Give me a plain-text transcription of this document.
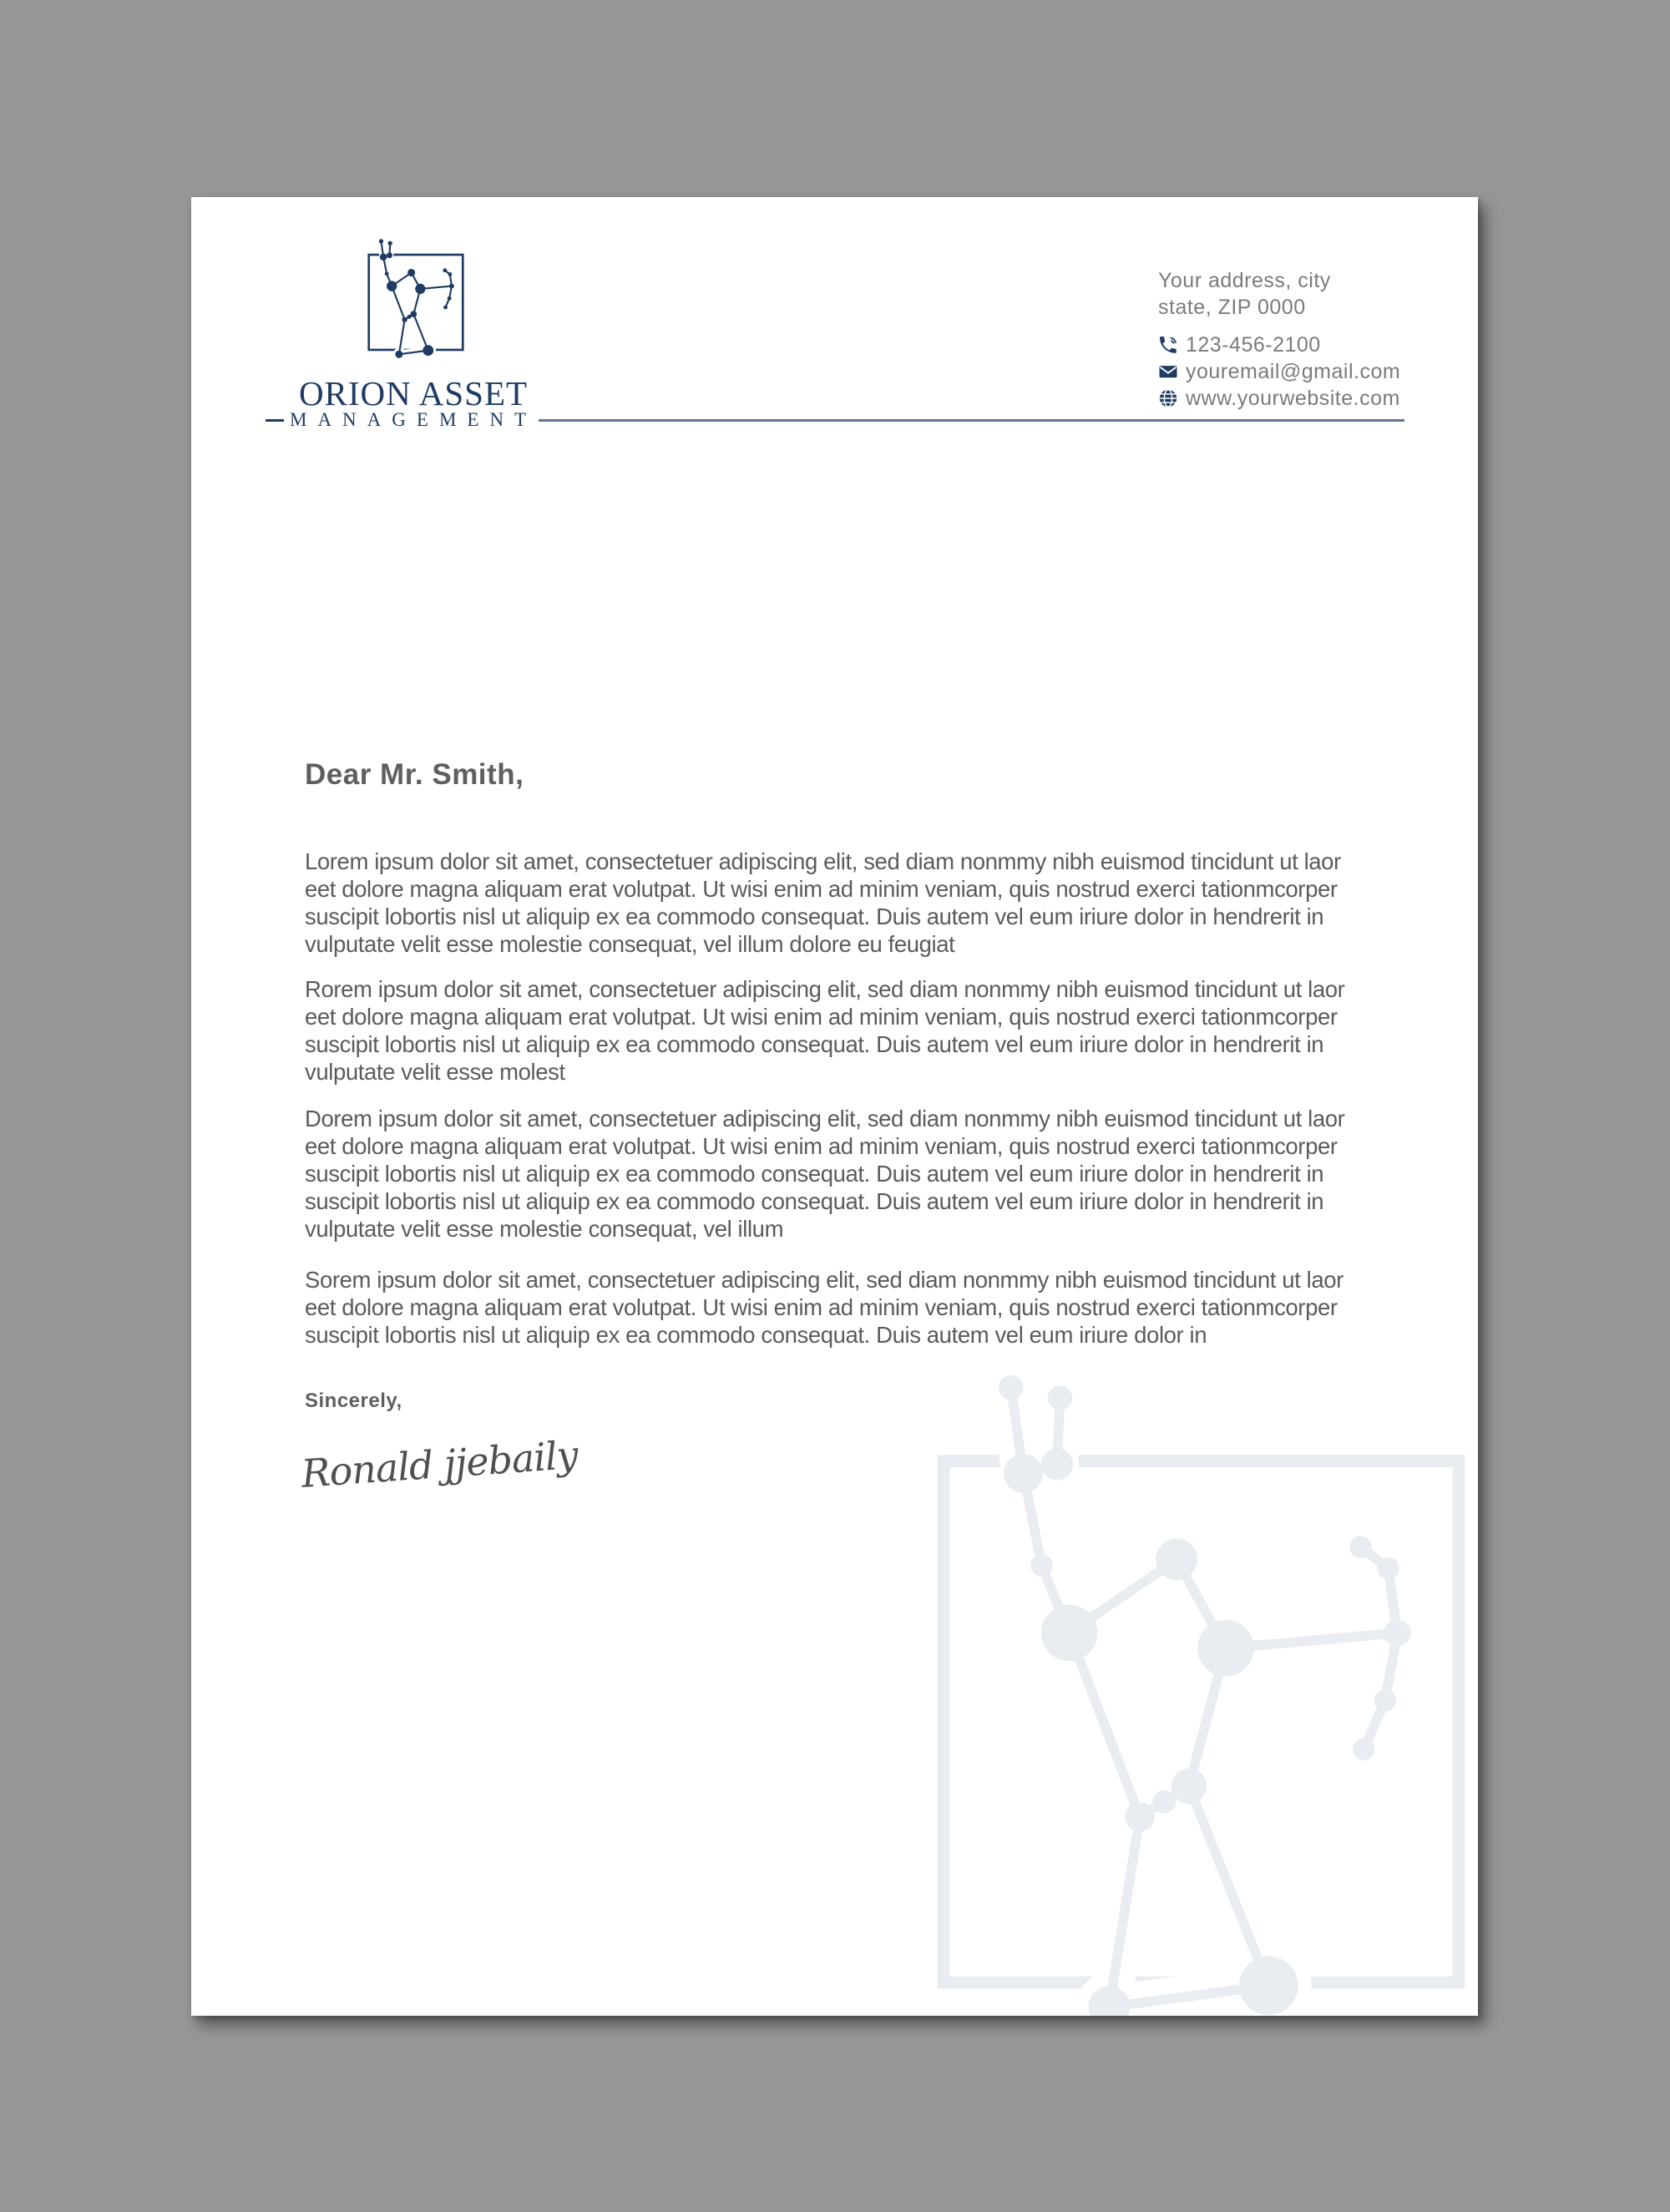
ORION ASSET
MANAGEMENT
Your address, city
state, ZIP 0000
123-456-2100
youremail@gmail.com
www.yourwebsite.com
Dear Mr. Smith,

Lorem ipsum dolor sit amet, consectetuer adipiscing elit, sed diam nonmmy nibh euismod tincidunt ut laor eet dolore magna aliquam erat volutpat. Ut wisi enim ad minim veniam, quis nostrud exerci tationmcorper suscipit lobortis nisl ut aliquip ex ea commodo consequat. Duis autem vel eum iriure dolor in hendrerit in vulputate velit esse molestie consequat, vel illum dolore eu feugiat

Rorem ipsum dolor sit amet, consectetuer adipiscing elit, sed diam nonmmy nibh euismod tincidunt ut laor eet dolore magna aliquam erat volutpat. Ut wisi enim ad minim veniam, quis nostrud exerci tationmcorper suscipit lobortis nisl ut aliquip ex ea commodo consequat. Duis autem vel eum iriure dolor in hendrerit in vulputate velit esse molest

Dorem ipsum dolor sit amet, consectetuer adipiscing elit, sed diam nonmmy nibh euismod tincidunt ut laor eet dolore magna aliquam erat volutpat. Ut wisi enim ad minim veniam, quis nostrud exerci tationmcorper suscipit lobortis nisl ut aliquip ex ea commodo consequat. Duis autem vel eum iriure dolor in hendrerit in suscipit lobortis nisl ut aliquip ex ea commodo consequat. Duis autem vel eum iriure dolor in hendrerit in vulputate velit esse molestie consequat, vel illum

Sorem ipsum dolor sit amet, consectetuer adipiscing elit, sed diam nonmmy nibh euismod tincidunt ut laor eet dolore magna aliquam erat volutpat. Ut wisi enim ad minim veniam, quis nostrud exerci tationmcorper suscipit lobortis nisl ut aliquip ex ea commodo consequat. Duis autem vel eum iriure dolor in

Sincerely,
Ronald jjebaily
